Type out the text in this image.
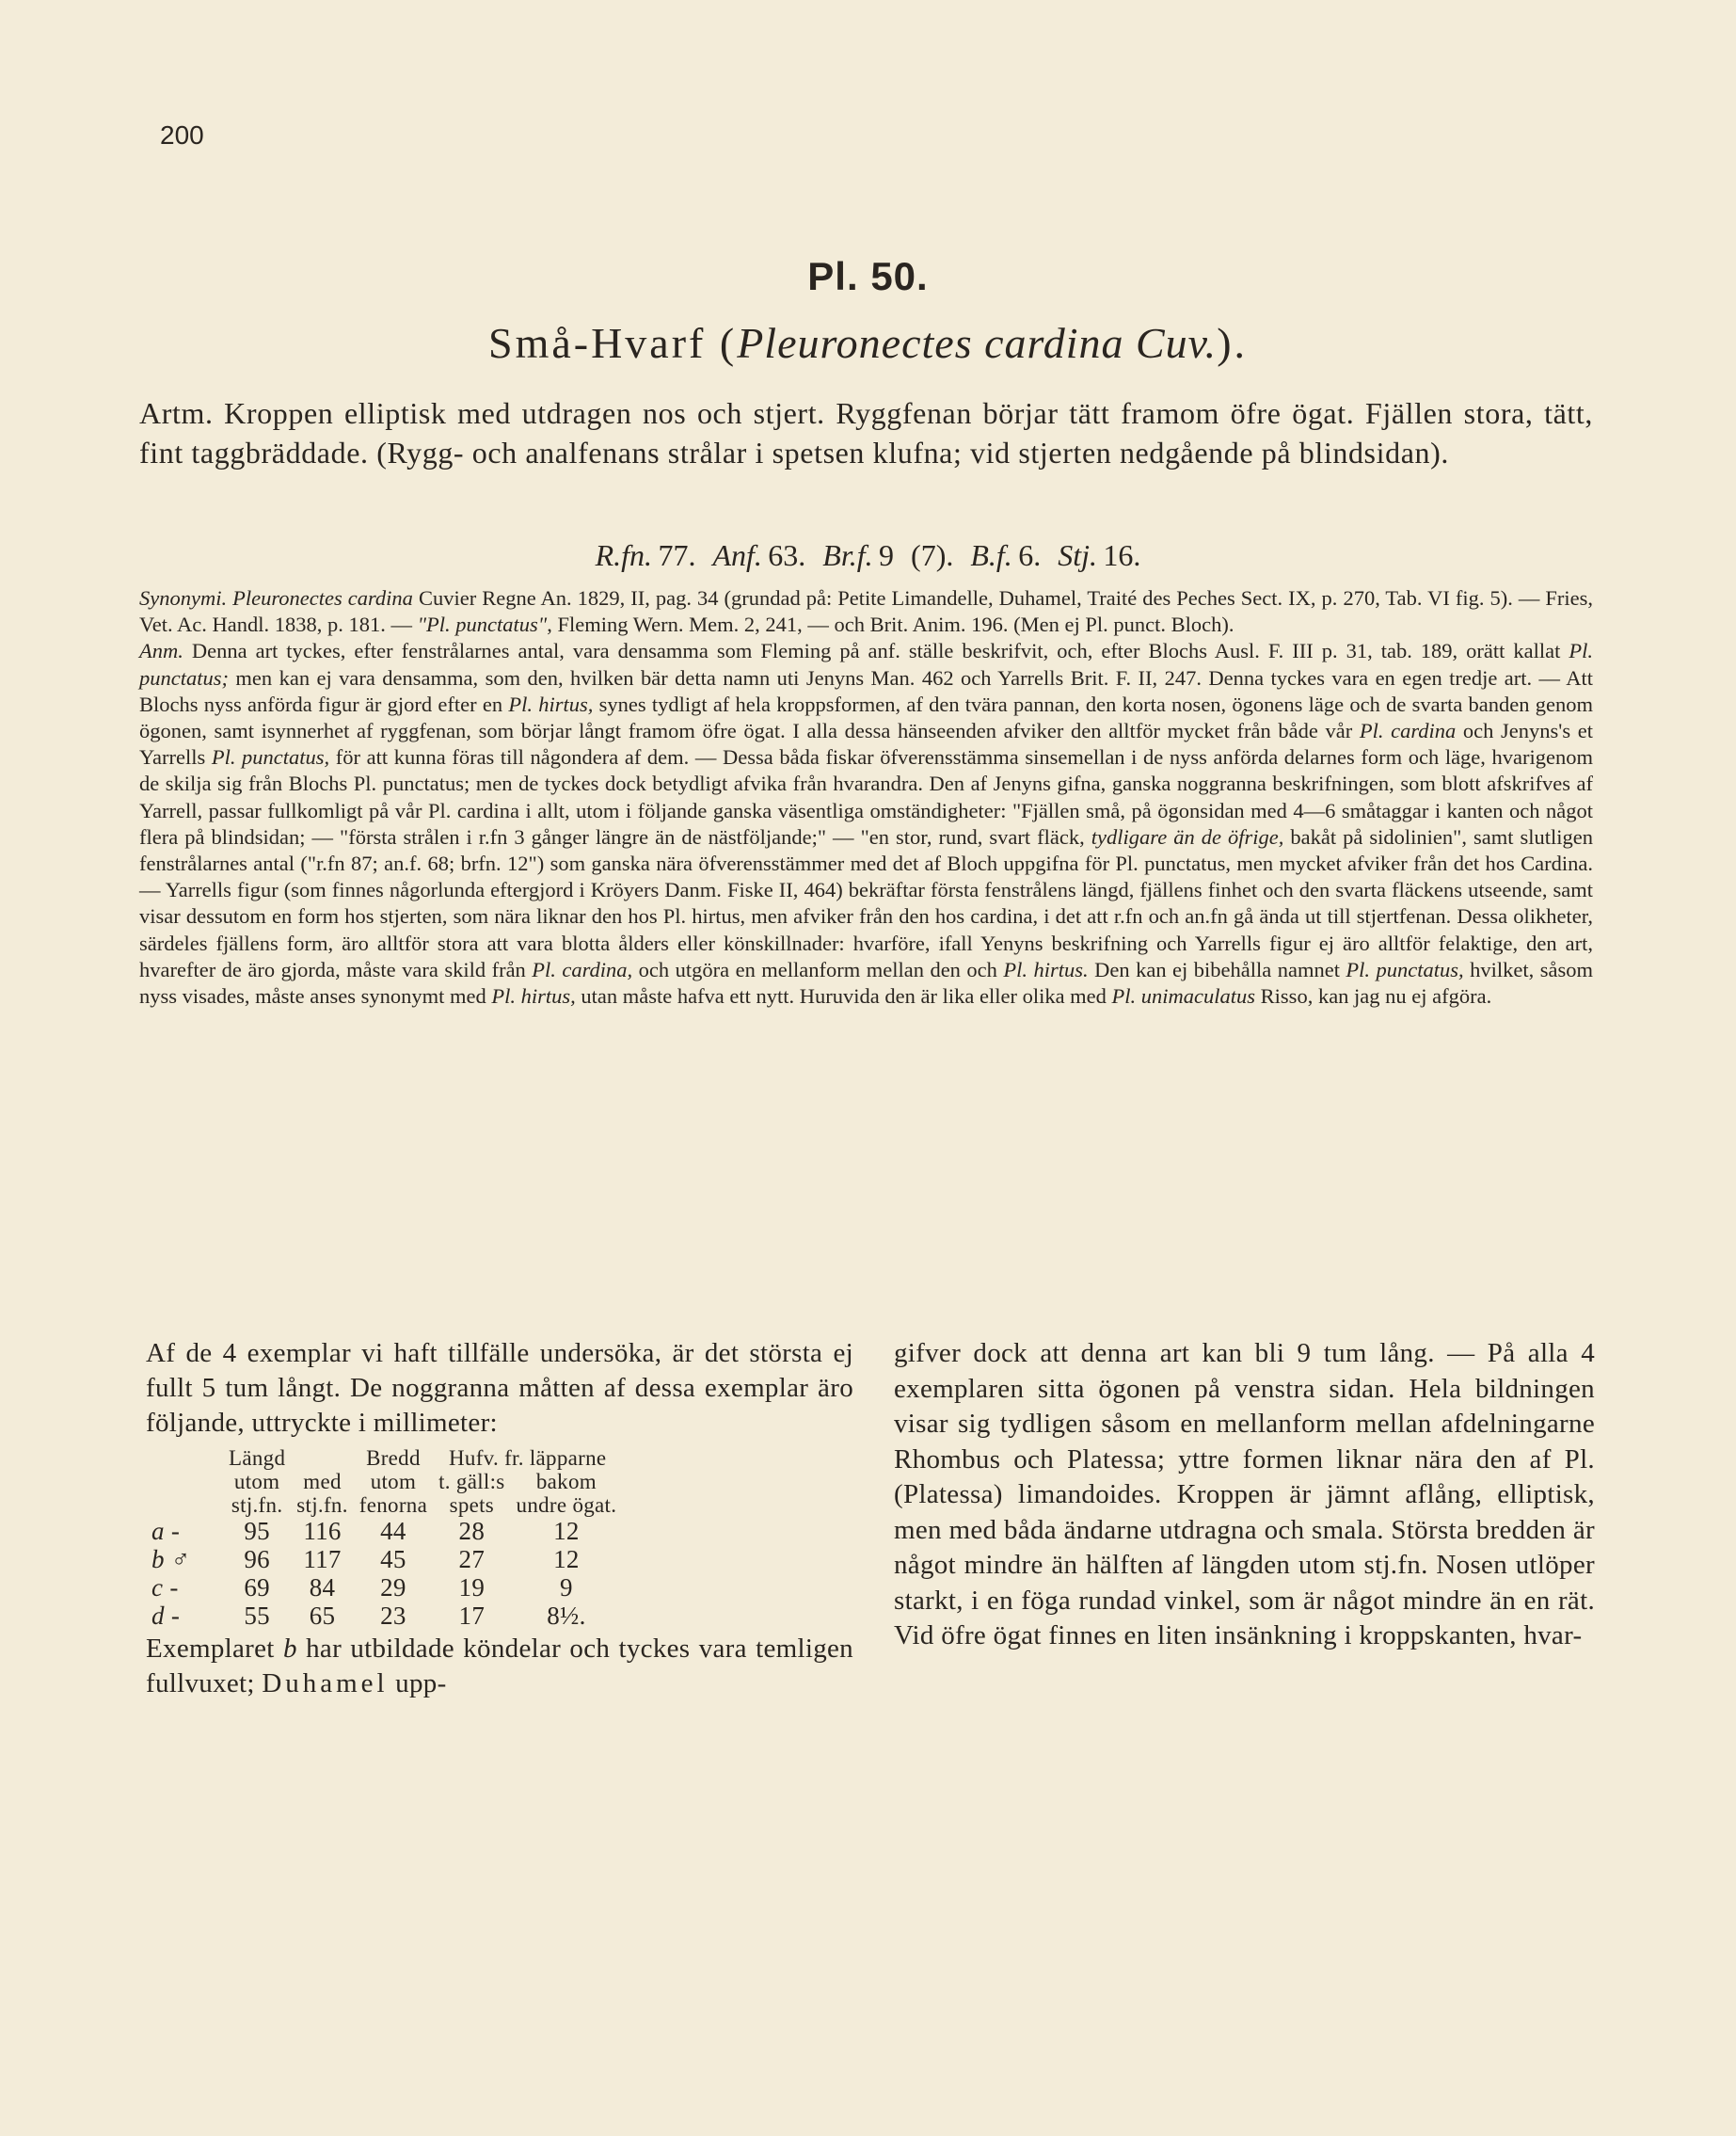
200
Pl. 50.
Små-Hvarf (Pleuronectes cardina Cuv.).
Artm. Kroppen elliptisk med utdragen nos och stjert. Ryggfenan börjar tätt framom öfre ögat. Fjällen stora, tätt, fint taggbräddade. (Rygg- och analfenans strålar i spetsen klufna; vid stjerten nedgående på blindsidan).
R.fn.  77. Anf.  63. Br.f.  9 (7). B.f.  6. Stj.  16.

Synonymi. Pleuronectes cardina Cuvier Regne An. 1829, II, pag. 34 (grundad på: Petite Limandelle, Duhamel, Traité des Peches Sect. IX, p. 270, Tab. VI fig. 5). — Fries, Vet. Ac. Handl. 1838, p. 181. — "Pl. punctatus", Fleming Wern. Mem. 2, 241, — och Brit. Anim. 196. (Men ej Pl. punct. Bloch).

Anm. Denna art tyckes, efter fenstrålarnes antal, vara densamma som Fleming på anf. ställe beskrifvit, och, efter Blochs Ausl. F. III p. 31, tab. 189, orätt kallat Pl. punctatus; men kan ej vara densamma, som den, hvilken bär detta namn uti Jenyns Man. 462 och Yarrells Brit. F. II, 247. Denna tyckes vara en egen tredje art. — Att Blochs nyss anförda figur är gjord efter en Pl. hirtus, synes tydligt af hela kroppsformen, af den tvära pannan, den korta nosen, ögonens läge och de svarta banden genom ögonen, samt isynnerhet af ryggfenan, som börjar långt framom öfre ögat. I alla dessa hänseenden afviker den alltför mycket från både vår Pl. cardina och Jenyns's et Yarrells Pl. punctatus, för att kunna föras till någondera af dem. — Dessa båda fiskar öfverensstämma sinsemellan i de nyss anförda delarnes form och läge, hvarigenom de skilja sig från Blochs Pl. punctatus; men de tyckes dock betydligt afvika från hvarandra. Den af Jenyns gifna, ganska noggranna beskrifningen, som blott afskrifves af Yarrell, passar fullkomligt på vår Pl. cardina i allt, utom i följande ganska väsentliga omständigheter: "Fjällen små, på ögonsidan med 4—6 småtaggar i kanten och något flera på blindsidan; — "första strålen i r.fn 3 gånger längre än de nästföljande;" — "en stor, rund, svart fläck, tydligare än de öfrige, bakåt på sidolinien", samt slutligen fenstrålarnes antal ("r.fn 87; an.f. 68; brfn. 12") som ganska nära öfverensstämmer med det af Bloch uppgifna för Pl. punctatus, men mycket afviker från det hos Cardina. — Yarrells figur (som finnes någorlunda eftergjord i Kröyers Danm. Fiske II, 464) bekräftar första fenstrålens längd, fjällens finhet och den svarta fläckens utseende, samt visar dessutom en form hos stjerten, som nära liknar den hos Pl. hirtus, men afviker från den hos cardina, i det att r.fn och an.fn gå ända ut till stjertfenan. Dessa olikheter, särdeles fjällens form, äro alltför stora att vara blotta ålders eller könskillnader: hvarföre, ifall Yenyns beskrifning och Yarrells figur ej äro alltför felaktige, den art, hvarefter de äro gjorda, måste vara skild från Pl. cardina, och utgöra en mellanform mellan den och Pl. hirtus. Den kan ej bibehålla namnet Pl. punctatus, hvilket, såsom nyss visades, måste anses synonymt med Pl. hirtus, utan måste hafva ett nytt. Huruvida den är lika eller olika med Pl. unimaculatus Risso, kan jag nu ej afgöra.

Af de 4 exemplar vi haft tillfälle undersöka, är det största ej fullt 5 tum långt. De noggranna måtten af dessa exemplar äro följande, uttryckte i millimeter:

	Längd		Bredd	Hufv. fr. läpparne	
	utom	med	utom	t. gäll:s	bakom
	stj.fn.	stj.fn.	fenorna	spets	undre ögat.
a -	95	116	44	28	12
b ♂	96	117	45	27	12
c -	69	84	29	19	9
d -	55	65	23	17	8½.

Exemplaret b har utbildade köndelar och tyckes vara temligen fullvuxet; Duhamel upp-

gifver dock att denna art kan bli 9 tum lång. — På alla 4 exemplaren sitta ögonen på venstra sidan. Hela bildningen visar sig tydligen såsom en mellanform mellan afdelningarne Rhombus och Platessa; yttre formen liknar nära den af Pl. (Platessa) limandoides. Kroppen är jämnt aflång, elliptisk, men med båda ändarne utdragna och smala. Största bredden är något mindre än hälften af längden utom stj.fn. Nosen utlöper starkt, i en föga rundad vinkel, som är något mindre än en rät. Vid öfre ögat finnes en liten insänkning i kroppskanten, hvar-
